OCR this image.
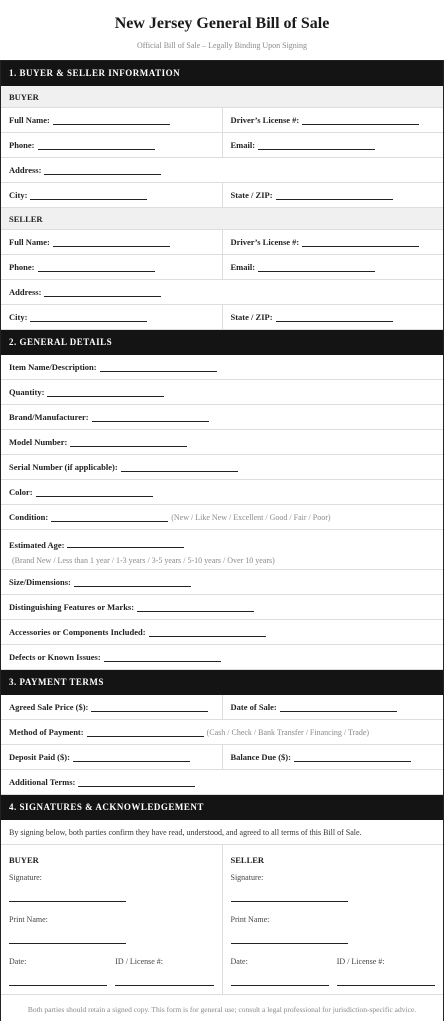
New Jersey General Bill of Sale
Official Bill of Sale – Legally Binding Upon Signing
1. BUYER & SELLER INFORMATION
BUYER
Full Name:	Driver’s License #:
Phone:	Email:
Address:
City:	State / ZIP:
SELLER
Full Name:	Driver’s License #:
Phone:	Email:
Address:
City:	State / ZIP:
2. GENERAL DETAILS
Item Name/Description:
Quantity:
Brand/Manufacturer:
Model Number:
Serial Number (if applicable):
Color:
Condition:	(New / Like New / Excellent / Good / Fair / Poor)
Estimated Age:
(Brand New / Less than 1 year / 1-3 years / 3-5 years / 5-10 years / Over 10 years)
Size/Dimensions:
Distinguishing Features or Marks:
Accessories or Components Included:
Defects or Known Issues:
3. PAYMENT TERMS
Agreed Sale Price ($):	Date of Sale:
Method of Payment:	(Cash / Check / Bank Transfer / Financing / Trade)
Deposit Paid ($):	Balance Due ($):
Additional Terms:
4. SIGNATURES & ACKNOWLEDGEMENT
By signing below, both parties confirm they have read, understood, and agreed to all terms of this Bill of Sale.
BUYER
Signature:
Print Name:
Date:	ID / License #:
SELLER
Signature:
Print Name:
Date:	ID / License #:
Both parties should retain a signed copy. This form is for general use; consult a legal professional for jurisdiction-specific advice.
